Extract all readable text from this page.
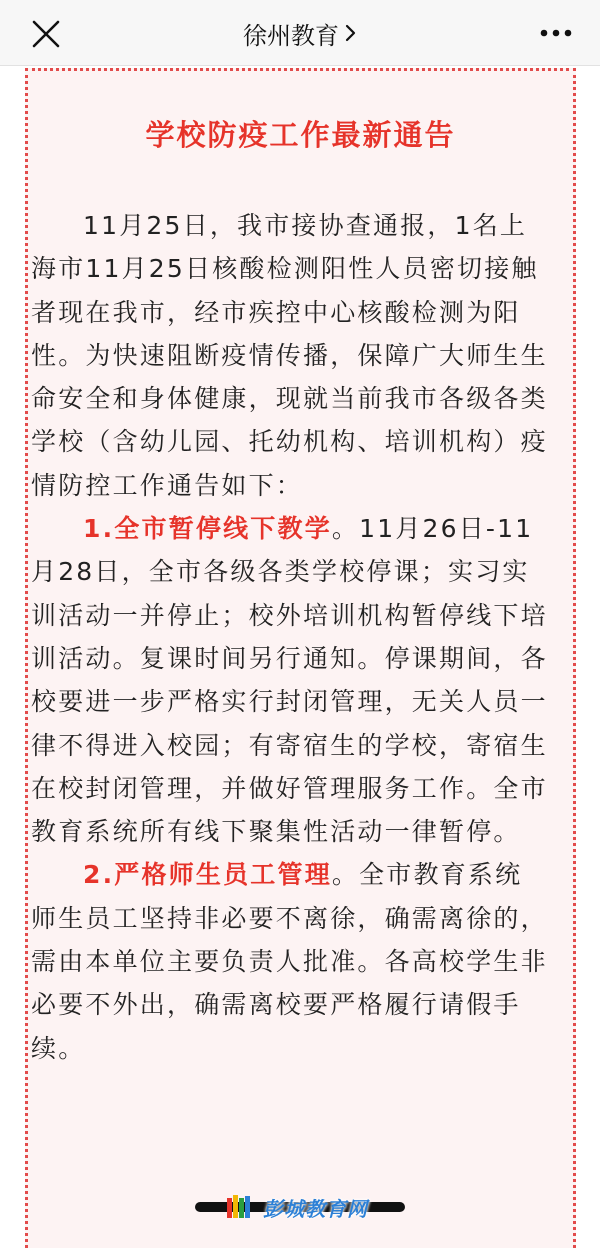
徐州教育
学校防疫工作最新通告

11月25日，我市接协查通报，1名上海市11月25日核酸检测阳性人员密切接触者现在我市，经市疾控中心核酸检测为阳性。为快速阻断疫情传播，保障广大师生生命安全和身体健康，现就当前我市各级各类学校（含幼儿园、托幼机构、培训机构）疫情防控工作通告如下：

1.全市暂停线下教学。11月26日-11月28日，全市各级各类学校停课；实习实训活动一并停止；校外培训机构暂停线下培训活动。复课时间另行通知。停课期间，各校要进一步严格实行封闭管理，无关人员一律不得进入校园；有寄宿生的学校，寄宿生在校封闭管理，并做好管理服务工作。全市教育系统所有线下聚集性活动一律暂停。

2.严格师生员工管理。全市教育系统师生员工坚持非必要不离徐，确需离徐的，需由本单位主要负责人批准。各高校学生非必要不外出，确需离校要严格履行请假手续。

彭城教育网
